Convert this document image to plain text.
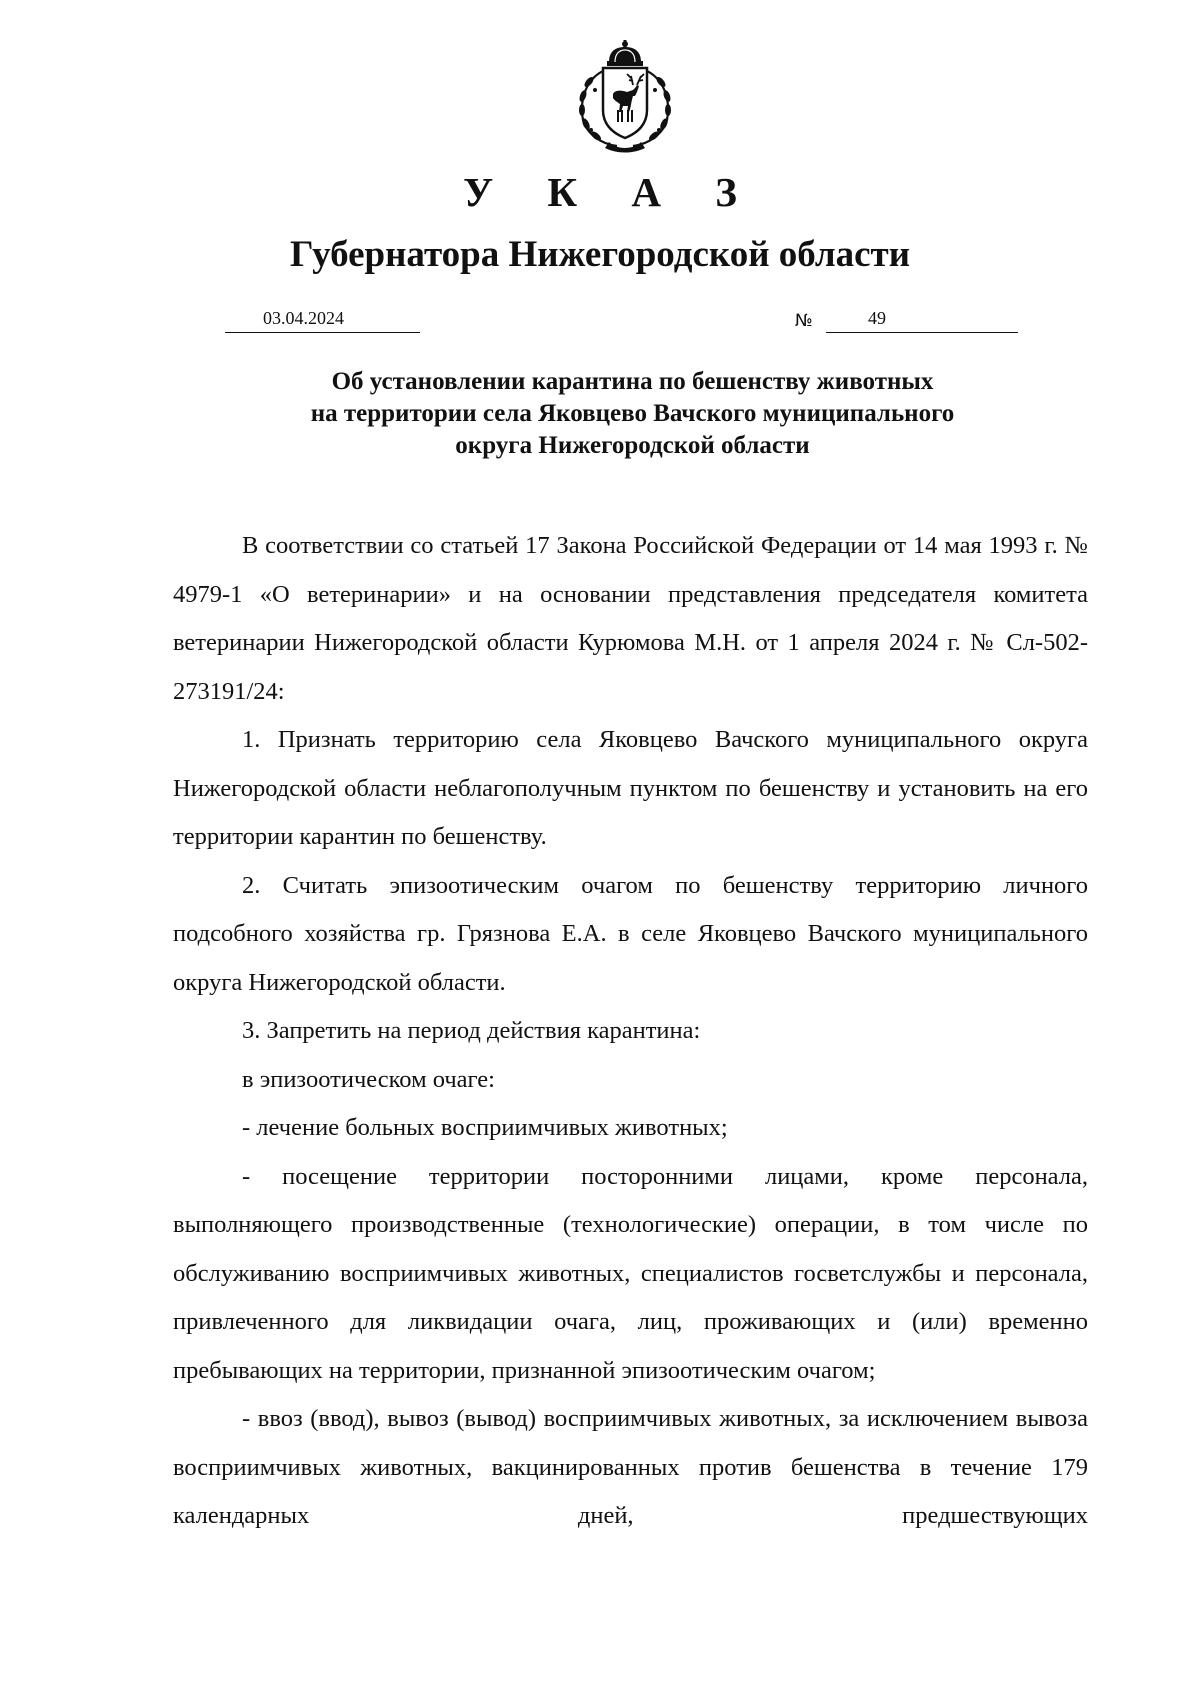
У К А З
Губернатора Нижегородской области
03.04.2024	№	49
Об установлении карантина по бешенству животных
на территории села Яковцево Вачского муниципального
округа Нижегородской области

В соответствии со статьей 17 Закона Российской Федерации от 14 мая 1993 г. № 4979-1 «О ветеринарии» и на основании представления председателя комитета ветеринарии Нижегородской области Курюмова М.Н. от 1 апреля 2024 г. № Сл-502-273191/24:

1. Признать территорию села Яковцево Вачского муниципального округа Нижегородской области неблагополучным пунктом по бешенству и установить на его территории карантин по бешенству.

2. Считать эпизоотическим очагом по бешенству территорию личного подсобного хозяйства гр. Грязнова Е.А. в селе Яковцево Вачского муниципального округа Нижегородской области.

3. Запретить на период действия карантина:

в эпизоотическом очаге:

- лечение больных восприимчивых животных;

- посещение территории посторонними лицами, кроме персонала, выполняющего производственные (технологические) операции, в том числе по обслуживанию восприимчивых животных, специалистов госветслужбы и персонала, привлеченного для ликвидации очага, лиц, проживающих и (или) временно пребывающих на территории, признанной эпизоотическим очагом;

- ввоз (ввод), вывоз (вывод) восприимчивых животных, за исключением вывоза восприимчивых животных, вакцинированных против бешенства в течение 179 календарных дней, предшествующих
